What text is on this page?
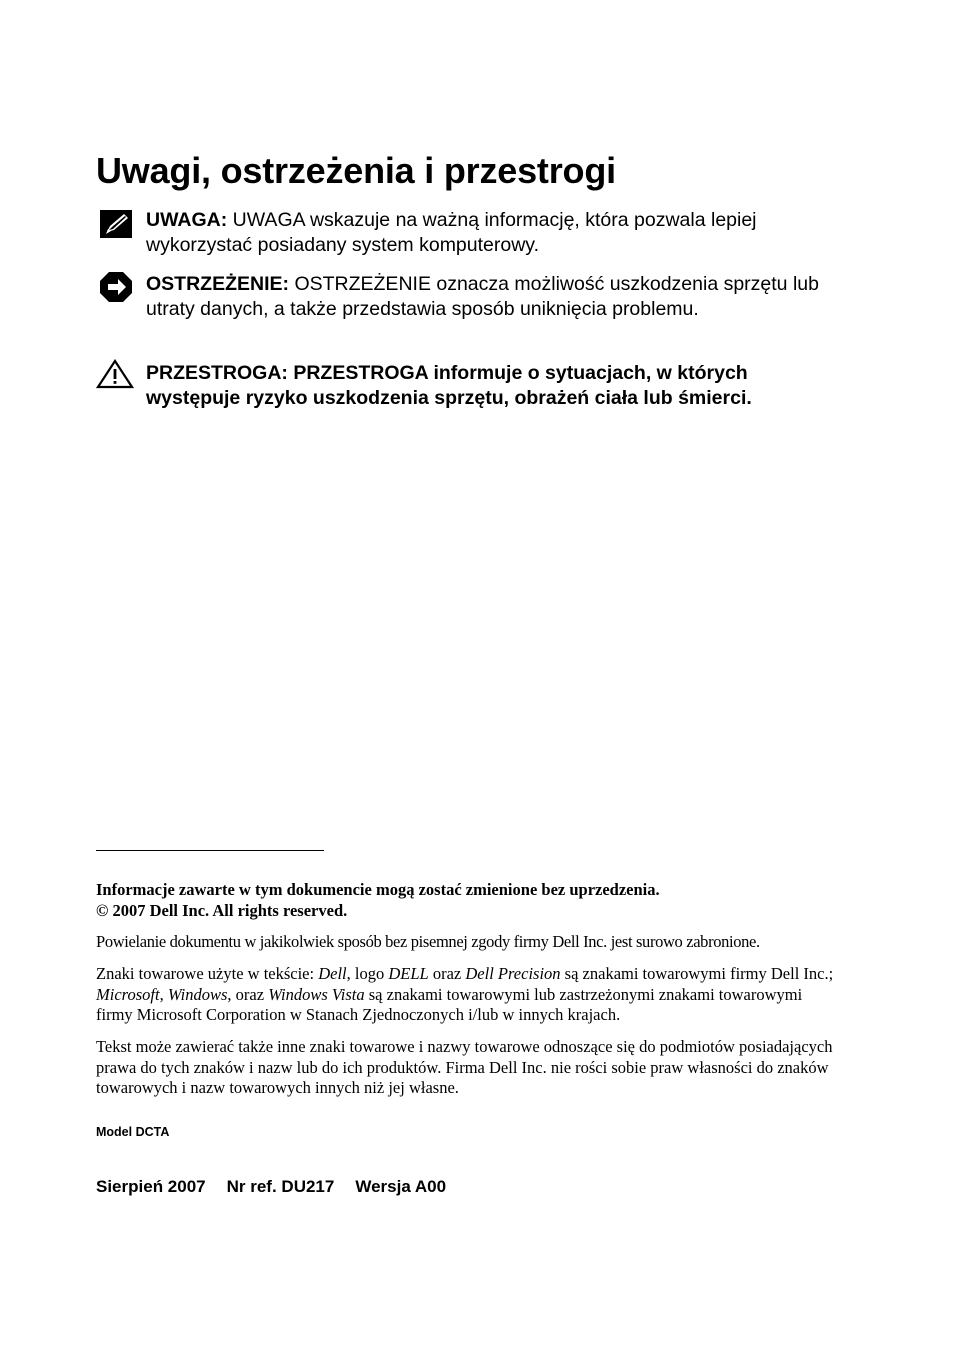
Uwagi, ostrzeżenia i przestrogi
UWAGA: UWAGA wskazuje na ważną informację, która pozwala lepiej wykorzystać posiadany system komputerowy.
OSTRZEŻENIE: OSTRZEŻENIE oznacza możliwość uszkodzenia sprzętu lub utraty danych, a także przedstawia sposób uniknięcia problemu.
PRZESTROGA: PRZESTROGA informuje o sytuacjach, w których występuje ryzyko uszkodzenia sprzętu, obrażeń ciała lub śmierci.

Informacje zawarte w tym dokumencie mogą zostać zmienione bez uprzedzenia.

© 2007 Dell Inc. All rights reserved.

Powielanie dokumentu w jakikolwiek sposób bez pisemnej zgody firmy Dell Inc. jest surowo zabronione.

Znaki towarowe użyte w tekście: Dell, logo DELL oraz Dell Precision są znakami towarowymi firmy Dell Inc.; Microsoft, Windows, oraz Windows Vista są znakami towarowymi lub zastrzeżonymi znakami towarowymi firmy Microsoft Corporation w Stanach Zjednoczonych i/lub w innych krajach.

Tekst może zawierać także inne znaki towarowe i nazwy towarowe odnoszące się do podmiotów posiadających prawa do tych znaków i nazw lub do ich produktów. Firma Dell Inc. nie rości sobie praw własności do znaków towarowych i nazw towarowych innych niż jej własne.

Model DCTA
Sierpień 2007 Nr ref. DU217 Wersja A00
